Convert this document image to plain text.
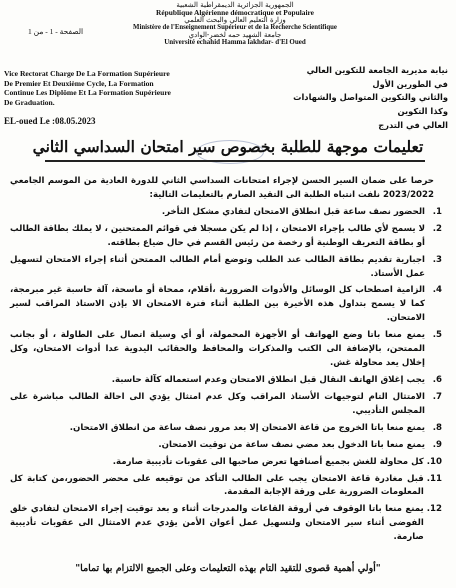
الجمهورية الجزائرية الديمقراطية الشعبية
République Algérienne démocratique et Populaire
وزارة التعليم العالي والبحث العلمي
Ministère de l'Enseignement Supérieur et de la Recherche Scientifique
جامعة الشهيد حمه لخضر-الوادي
Université echahid Hamma lakhdar- d'El Oued
الصفحة - 1 - من 1
Vice Rectorat Charge De La Formation Supérieure
De Premier Et Deuxième Cycle, La Formation
Continue Les Diplôme Et La Formation Supérieure
De Graduation.
EL-oued Le :08.05.2023
نيابة مديرية الجامعة للتكوين العالي في الطورين الأول
والثاني والتكوين المتواصل والشهادات وكذا التكوين
العالي في التدرج
تعليمات موجهة للطلبة بخصوص سير امتحان السداسي الثاني
حرصا على ضمان السير الحسن لإجراء امتحانات السداسي الثاني للدورة العادية من الموسم الجامعي 2023/2022 نلفت انتباه الطلبة الى التقيد الصارم بالتعليمات التالية:
1.
الحضور نصف ساعة قبل انطلاق الامتحان لتفادي مشكل التأخر.
2.
لا يسمح لأي طالب بإجراء الامتحان ، إذا لم يكن مسجلا في قوائم الممتحنين ، لا يملك بطاقة الطالب أو بطاقة التعريف الوطنية أو رخصة من رئيس القسم في حال ضياع بطاقته.
3.
اجبارية تقديم بطاقة الطالب عند الطلب وتوضع أمام الطالب الممتحن أثناء إجراء الامتحان لتسهيل عمل الأستاذ.
4.
الزامية اصطحاب كل الوسائل والأدوات الضرورية ،أقلام، ممحاة أو ماسحة، آلة حاسبة غير مبرمجة، كما لا يسمح بتداول هذه الأخيرة بين الطلبة أثناء فترة الامتحان الا بإذن الاستاذ المراقب لسير الامتحان.
5.
يمنع منعا باتا وضع الهواتف أو الأجهزة المحمولة، أو أي وسيلة اتصال على الطاولة ، أو بجانب الممتحن، بالإضافة الى الكتب والمذكرات والمحافظ والحقائب اليدوية عدا أدوات الامتحان، وكل إخلال يعد محاولة غش.
6.
يجب إغلاق الهاتف النقال قبل انطلاق الامتحان وعدم استعماله كآلة حاسبة.
7.
الامتثال التام لتوجيهات الأستاذ المراقب وكل عدم امتثال يؤدي الى احالة الطالب مباشرة على المجلس التأديبي.
8.
يمنع منعا باتا الخروج من قاعة الامتحان إلا بعد مرور نصف ساعة من انطلاق الامتحان.
9.
يمنع منعا باتا الدخول بعد مضي نصف ساعة من توقيت الامتحان.
10.
كل محاولة للغش بجميع أصنافها تعرض صاحبها الى عقوبات تأديبية صارمة.
11.
قبل مغادرة قاعة الامتحان يجب على الطالب التأكد من توقيعه على محضر الحضور،من كتابة كل المعلومات الضرورية على ورقة الإجابة المقدمة.
12.
يمنع منعا باتا الوقوف في أروقة القاعات والمدرجات أثناء و بعد توقيت إجراء الامتحان لتفادي خلق الفوضى أثناء سير الامتحان ولتسهيل عمل أعوان الأمن يؤدي عدم الامتثال الى عقوبات تأديبية صارمة.
"أولي أهمية قصوى للتقيد التام بهذه التعليمات وعلى الجميع الالتزام بها تماما"
